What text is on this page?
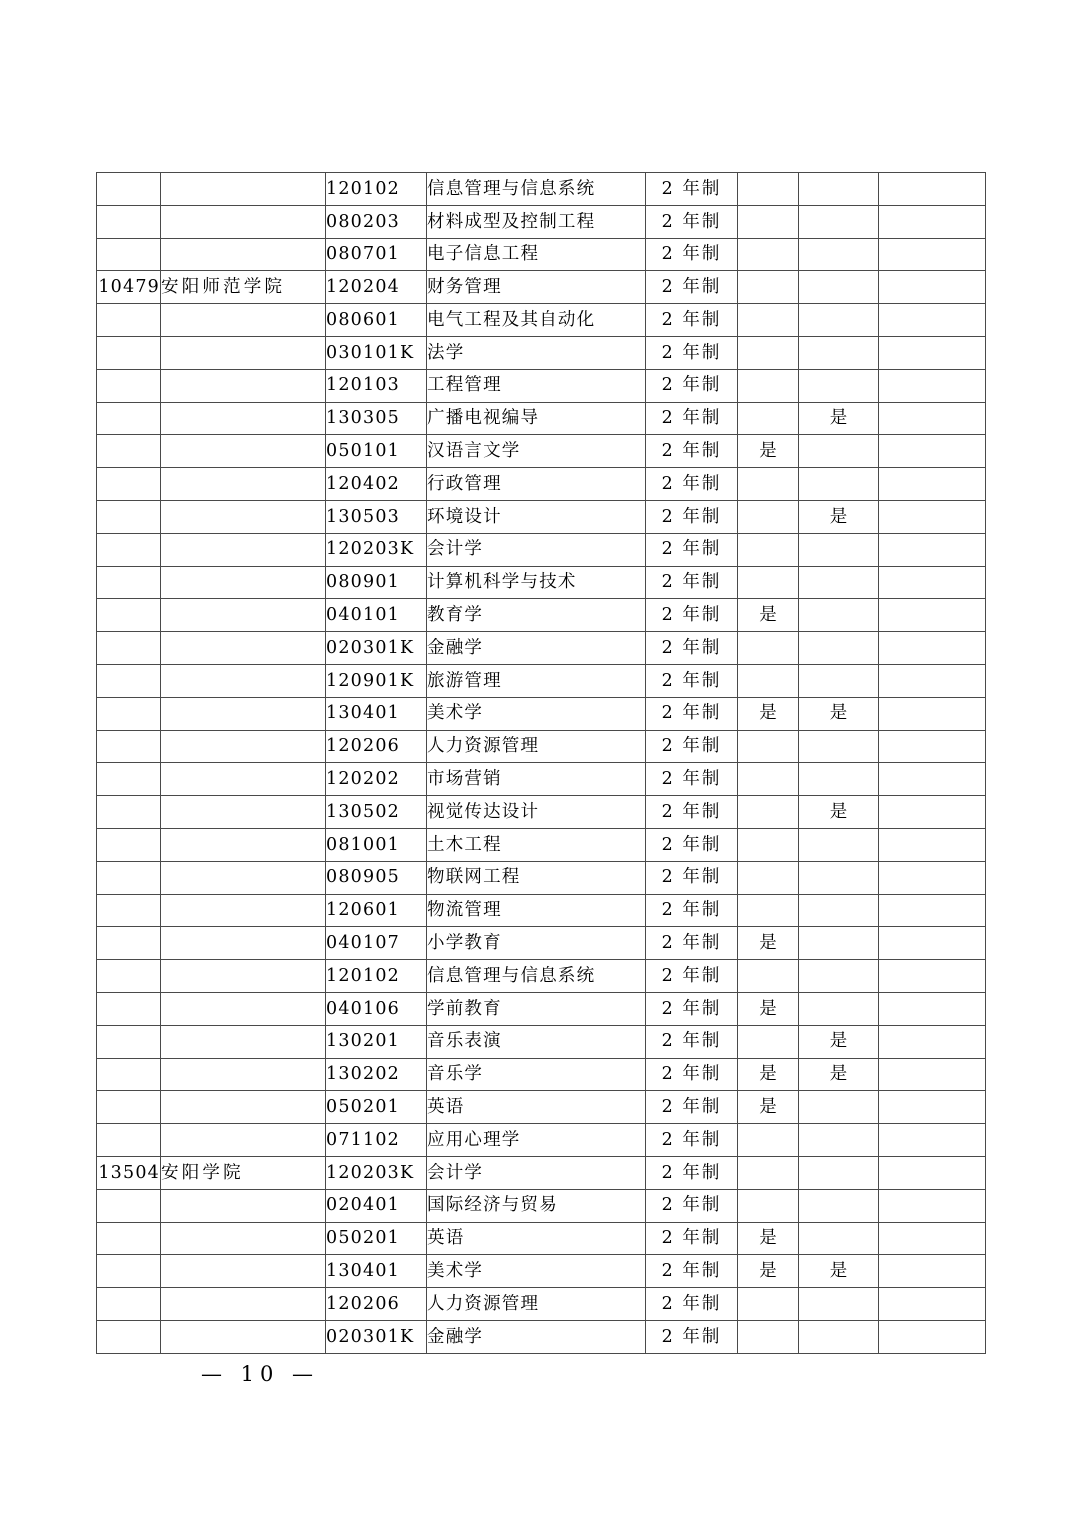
		120102	信息管理与信息系统	2 年制			
		080203	材料成型及控制工程	2 年制			
		080701	电子信息工程	2 年制			
10479	安阳师范学院	120204	财务管理	2 年制			
		080601	电气工程及其自动化	2 年制			
		030101K	法学	2 年制			
		120103	工程管理	2 年制			
		130305	广播电视编导	2 年制		是	
		050101	汉语言文学	2 年制	是		
		120402	行政管理	2 年制			
		130503	环境设计	2 年制		是	
		120203K	会计学	2 年制			
		080901	计算机科学与技术	2 年制			
		040101	教育学	2 年制	是		
		020301K	金融学	2 年制			
		120901K	旅游管理	2 年制			
		130401	美术学	2 年制	是	是	
		120206	人力资源管理	2 年制			
		120202	市场营销	2 年制			
		130502	视觉传达设计	2 年制		是	
		081001	土木工程	2 年制			
		080905	物联网工程	2 年制			
		120601	物流管理	2 年制			
		040107	小学教育	2 年制	是		
		120102	信息管理与信息系统	2 年制			
		040106	学前教育	2 年制	是		
		130201	音乐表演	2 年制		是	
		130202	音乐学	2 年制	是	是	
		050201	英语	2 年制	是		
		071102	应用心理学	2 年制			
13504	安阳学院	120203K	会计学	2 年制			
		020401	国际经济与贸易	2 年制			
		050201	英语	2 年制	是		
		130401	美术学	2 年制	是	是	
		120206	人力资源管理	2 年制			
		020301K	金融学	2 年制			
— 10 —
